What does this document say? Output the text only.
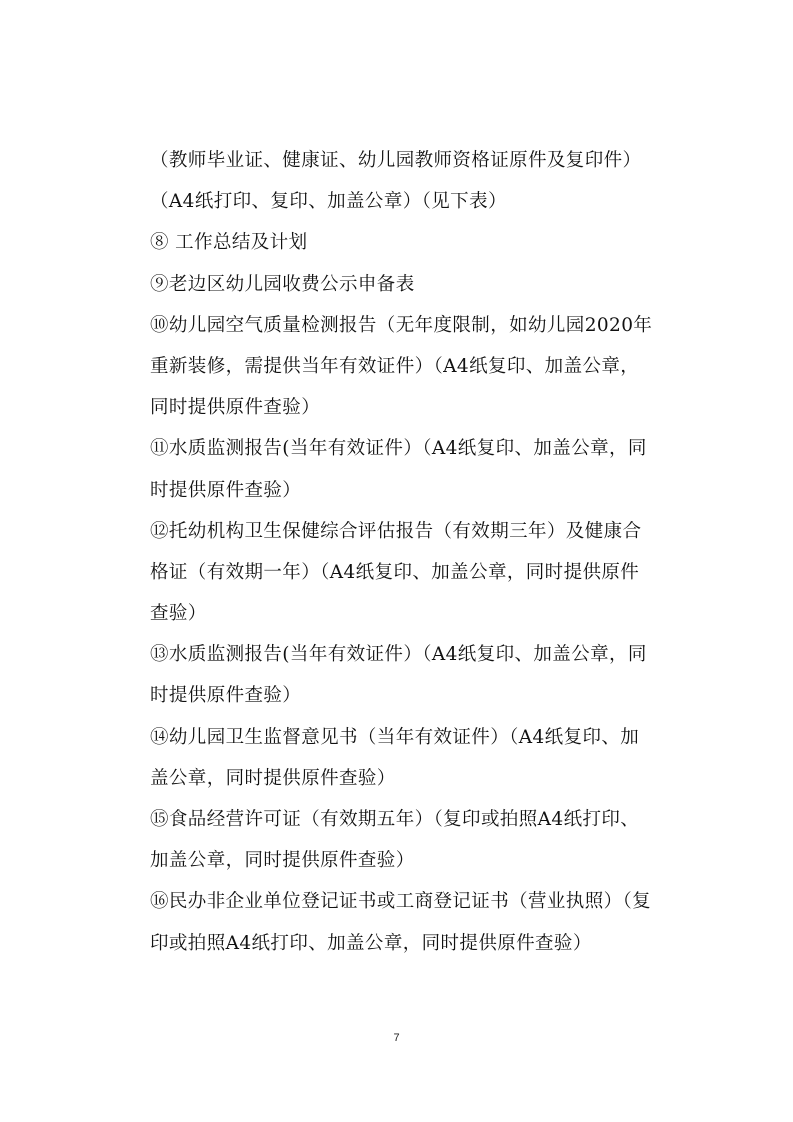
（教师毕业证、健康证、幼儿园教师资格证原件及复印件）
（A4纸打印、复印、加盖公章）（见下表）
⑧ 工作总结及计划
⑨老边区幼儿园收费公示申备表
⑩幼儿园空气质量检测报告（无年度限制，如幼儿园2020年
重新装修，需提供当年有效证件）（A4纸复印、加盖公章，
同时提供原件查验）
⑪水质监测报告(当年有效证件）（A4纸复印、加盖公章，同
时提供原件查验）
⑫托幼机构卫生保健综合评估报告（有效期三年）及健康合
格证（有效期一年）（A4纸复印、加盖公章，同时提供原件
查验）
⑬水质监测报告(当年有效证件）（A4纸复印、加盖公章，同
时提供原件查验）
⑭幼儿园卫生监督意见书（当年有效证件）（A4纸复印、加
盖公章，同时提供原件查验）
⑮食品经营许可证（有效期五年）（复印或拍照A4纸打印、
加盖公章，同时提供原件查验）
⑯民办非企业单位登记证书或工商登记证书（营业执照）（复
印或拍照A4纸打印、加盖公章，同时提供原件查验）
7
